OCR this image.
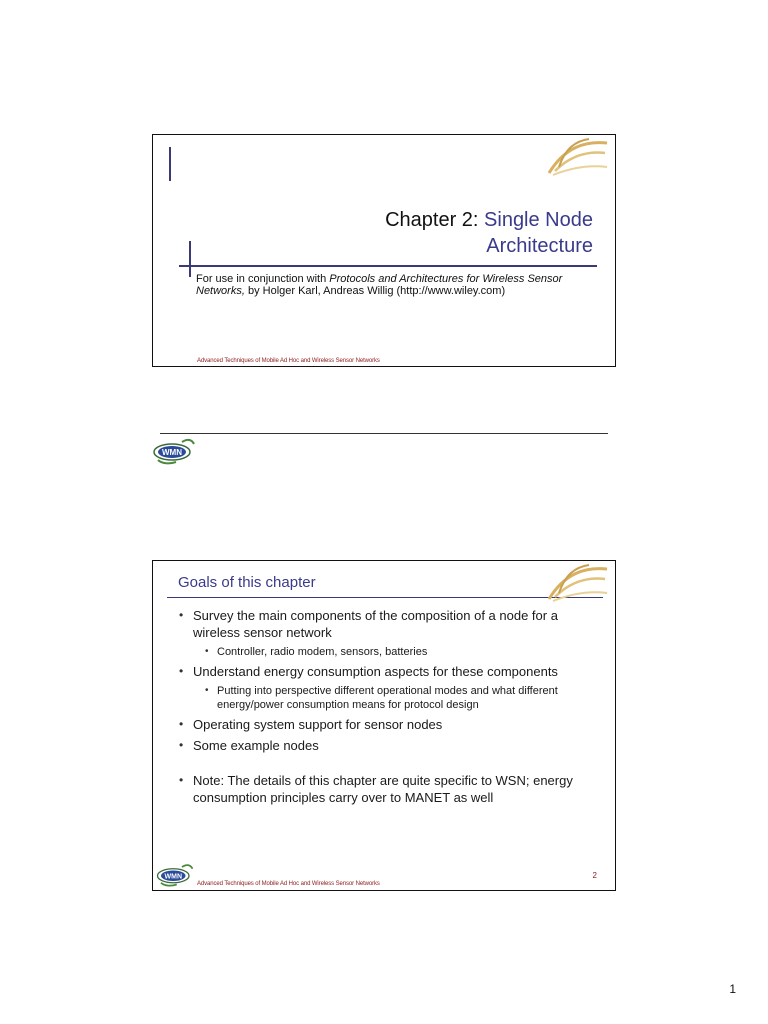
Chapter 2: Single Node
Architecture
For use in conjunction with Protocols and Architectures for Wireless Sensor Networks, by Holger Karl, Andreas Willig (http://www.wiley.com)
Advanced Techniques of Mobile Ad Hoc and Wireless Sensor Networks
WMN
Goals of this chapter
• Survey the main components of the composition of a node for a wireless sensor network
• Controller, radio modem, sensors, batteries
• Understand energy consumption aspects for these components
• Putting into perspective different operational modes and what different energy/power consumption means for protocol design
• Operating system support for sensor nodes
• Some example nodes
• Note: The details of this chapter are quite specific to WSN; energy consumption principles carry over to MANET as well
WMN	2
Advanced Techniques of Mobile Ad Hoc and Wireless Sensor Networks
1
